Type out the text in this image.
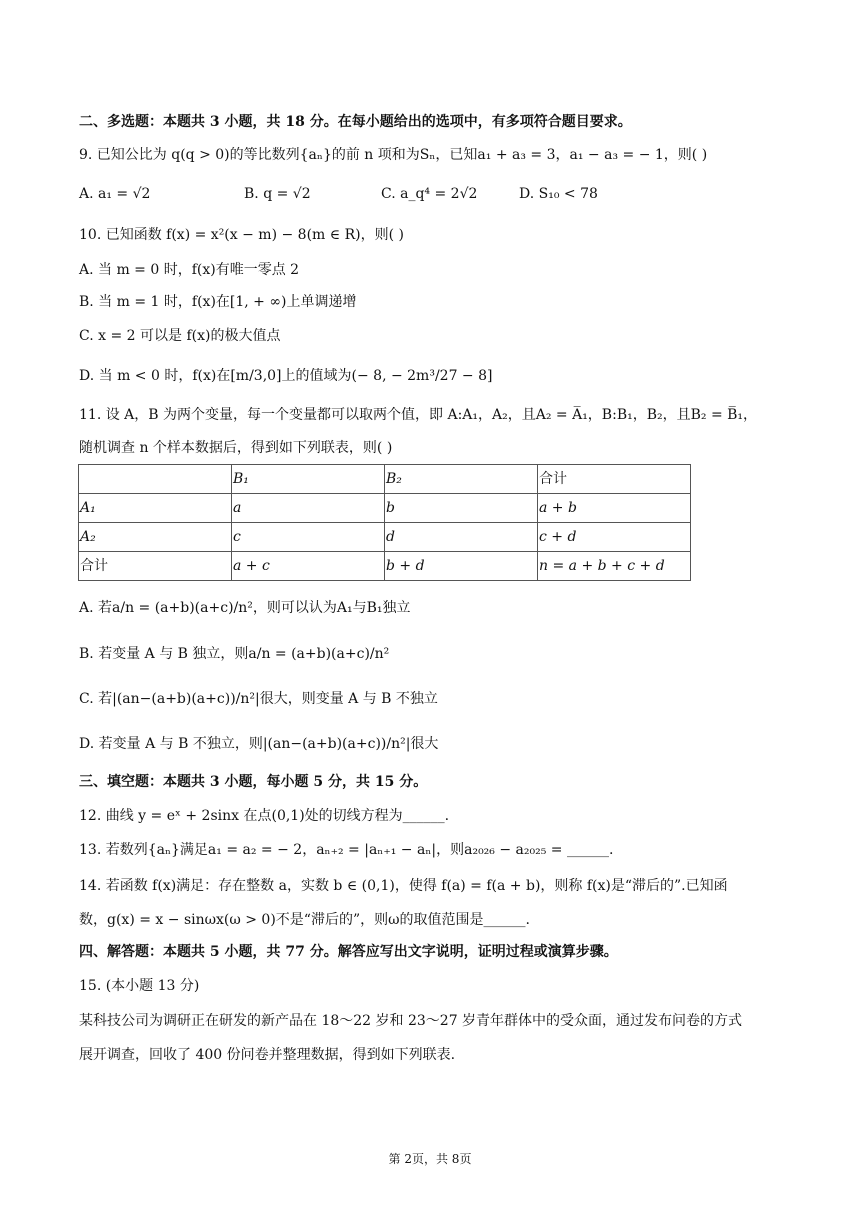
二、多选题：本题共 3 小题，共 18 分。在每小题给出的选项中，有多项符合题目要求。
9. 已知公比为 q(q > 0)的等比数列{aₙ}的前 n 项和为Sₙ，已知a₁ + a₃ = 3，a₁ − a₃ = − 1，则( )
A. a₁ = √2	B. q = √2	C. a_q⁴ = 2√2	D. S₁₀ < 78
10. 已知函数 f(x) = x²(x − m) − 8(m ∈ R)，则( )
A. 当 m = 0 时，f(x)有唯一零点 2
B. 当 m = 1 时，f(x)在[1, + ∞)上单调递增
C. x = 2 可以是 f(x)的极大值点
D. 当 m < 0 时，f(x)在[m/3,0]上的值域为(− 8, − 2m³/27 − 8]
11. 设 A，B 为两个变量，每一个变量都可以取两个值，即 A:A₁，A₂，且A₂ = A̅₁，B:B₁，B₂，且B₂ = B̅₁，
随机调查 n 个样本数据后，得到如下列联表，则( )
	B₁	B₂	合计
A₁	a	b	a + b
A₂	c	d	c + d
合计	a + c	b + d	n = a + b + c + d
A. 若a/n = (a+b)(a+c)/n²，则可以认为A₁与B₁独立
B. 若变量 A 与 B 独立，则a/n = (a+b)(a+c)/n²
C. 若|(an−(a+b)(a+c))/n²|很大，则变量 A 与 B 不独立
D. 若变量 A 与 B 不独立，则|(an−(a+b)(a+c))/n²|很大
三、填空题：本题共 3 小题，每小题 5 分，共 15 分。
12. 曲线 y = eˣ + 2sinx 在点(0,1)处的切线方程为______.
13. 若数列{aₙ}满足a₁ = a₂ = − 2，aₙ₊₂ = |aₙ₊₁ − aₙ|，则a₂₀₂₆ − a₂₀₂₅ = ______.
14. 若函数 f(x)满足：存在整数 a，实数 b ∈ (0,1)，使得 f(a) = f(a + b)，则称 f(x)是“滞后的”.已知函
数，g(x) = x − sinωx(ω > 0)不是“滞后的”，则ω的取值范围是______.
四、解答题：本题共 5 小题，共 77 分。解答应写出文字说明，证明过程或演算步骤。
15. (本小题 13 分)
某科技公司为调研正在研发的新产品在 18～22 岁和 23～27 岁青年群体中的受众面，通过发布问卷的方式
展开调查，回收了 400 份问卷并整理数据，得到如下列联表.
第 2页，共 8页
